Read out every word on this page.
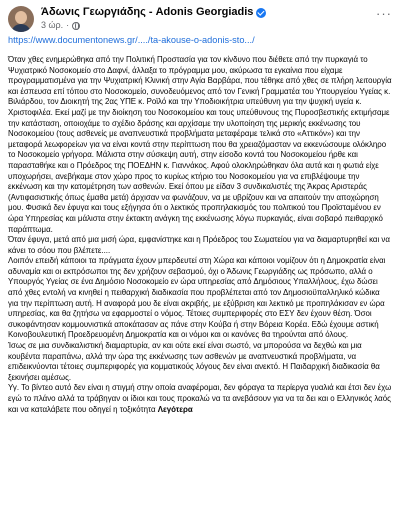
Άδωνις Γεωργιάδης - Adonis Georgiadis
3 ώρ. ·
···
https://www.documentonews.gr/..../ta-akouse-o-adonis-sto.../

Όταν χθες ενημερώθηκα από την Πολιτική Προστασία για τον κίνδυνο που διέθετε από την πυρκαγιά το Ψυχιατρικό Νοσοκομείο στο Δαφνί, άλλαξα το πρόγραμμα μου, ακύρωσα τα εγκαίνια που είχαμε προγραμματισμένα για την Ψυχιατρική Κλινική στην Αγία Βαρβάρα, που τέθηκε από χθες σε πλήρη λειτουργία και έσπευσα επί τόπου στο Νοσοκομείο, συνοδευόμενος από τον Γενική Γραμματέα του Υπουργείου Υγείας κ. Βιλιάρδου, τον Διοικητή της 2ας ΥΠΕ κ. Ροϊλό και την Υποδιοικήτρια υπεύθυνη για την ψυχική υγεία κ. Χριστοφιλέα. Εκεί μαζί με την διοίκηση του Νοσοκομείου και τους υπεύθυνους της Πυροσβεστικής εκτιμήσαμε την κατάσταση, οποιοχάμε το σχέδιο δράσης και αρχίσαμε την υλοποίηση της μερικής εκκένωσης του Νοσοκομείου (τους ασθενείς με αναπνευστικά προβλήματα μεταφέραμε τελικά στο «Αττικόν») και την μεταφορά λεωφορείων για να είναι κοντά στην περίπτωση που θα χρειαζόμασταν να εκκενώσουμε ολόκληρο το Νοσοκομείο γρήγορα. Μάλιστα στην σύσκεψη αυτή, στην είσοδο κοντά του Νοσοκομείου ήρθε και παρασταθήκε και ο Πρόεδρος της ΠΟΕΔΗΝ κ. Γιαννάκος. Αφού ολοκληρώθηκαν όλα αυτά και η φωτιά είχε υποχωρήσει, ανεβήκαμε στον χώρο προς το κυρίως κτήριο του Νοσοκομείου για να επιβλέψουμε την εκκένωση και την κατομέτρηση των ασθενών. Εκεί όπου με είδαν 3 συνδικαλιστές της Άκρας Αριστεράς (Αντιφασιστικής όπως έμαθα μετά) άρχισαν να φωνάζουν, να με υβρίζουν και να απαιτούν την αποχώρηση μου. Φυσικά δεν έφυγα και τους εξήγησα ότι ο λεκτικός προπηλακισμός του πολιτικού του Προϊσταμένου εν ώρα Υπηρεσίας και μάλιστα στην έκτακτη ανάγκη της εκκένωσης λόγω πυρκαγιάς, είναι σοβαρό πειθαρχικό παράπτωμα.

Όταν έφυγα, μετά από μια μισή ώρα, εμφανίστηκε και η Πρόεδρος του Σωματείου για να διαμαρτυρηθεί και να κάνει το σόου που βλέπετε....

Λοιπόν επειδή κάποιοι τα πράγματα έχουν μπερδευτεί στη Χώρα και κάποιοι νομίζουν ότι η Δημοκρατία είναι αδυναμία και οι εκπρόσωποι της δεν χρήζουν σεβασμού, όχι ο Άδωνις Γεωργιάδης ως πρόσωπο, αλλά ο Υπουργός Υγείας σε ένα Δημόσιο Νοσοκομείο εν ώρα υπηρεσίας από Δημόσιους Υπαλλήλους, έχω δώσει από χθες εντολή να κινηθεί η πειθαρχική διαδικασία που προβλέπεται από τον Δημοσιοϋπαλληλικό κώδικα για την περίπτωση αυτή. Η αναφορά μου δε είναι ακριβής, με εξύβριση και λεκτικό με προπηλάκισαν εν ώρα υπηρεσίας, και θα ζητήσω να εφαρμοστεί ο νόμος. Τέτοιες συμπεριφορές στο ΕΣΥ δεν έχουν θέση. Όσοι συκοφάντησαν κομμουνιστικά αποκάτασαν ας πάνε στην Κούβα ή στην Βόρεια Κορέα. Εδώ έχουμε αστική Κοινοβουλευτική Προεδρευομένη Δημοκρατία και οι νόμοι και οι κανόνες θα τηρούνται από όλους.

Ίσως σε μια συνδικαλιστική διαμαρτυρία, αν και ούτε εκεί είναι σωστό, να μπορούσα να δεχθώ και μια κουβέντα παραπάνω, αλλά την ώρα της εκκένωσης των ασθενών με αναπνευστικά προβλήματα, να επιδεικνύονται τέτοιες συμπεριφορές για κομματικούς λόγους δεν είναι ανεκτό. Η Παιδαρχική διαδικασία θα ξεκινήσει αμέσως.

Υγ. Το βίντεο αυτό δεν είναι η στιγμή στην οποία αναφέρομαι, δεν φόραγα τα περίεργα γυαλιά και έτσι δεν έχω εγώ το πλάνο αλλά τα τράβηγαν οι ίδιοι και τους προκαλώ να τα ανεβάσουν για να τα δει και ο Ελληνικός λαός και να καταλάβετε που οδηγεί η τοξικότητα Λεγότερα
